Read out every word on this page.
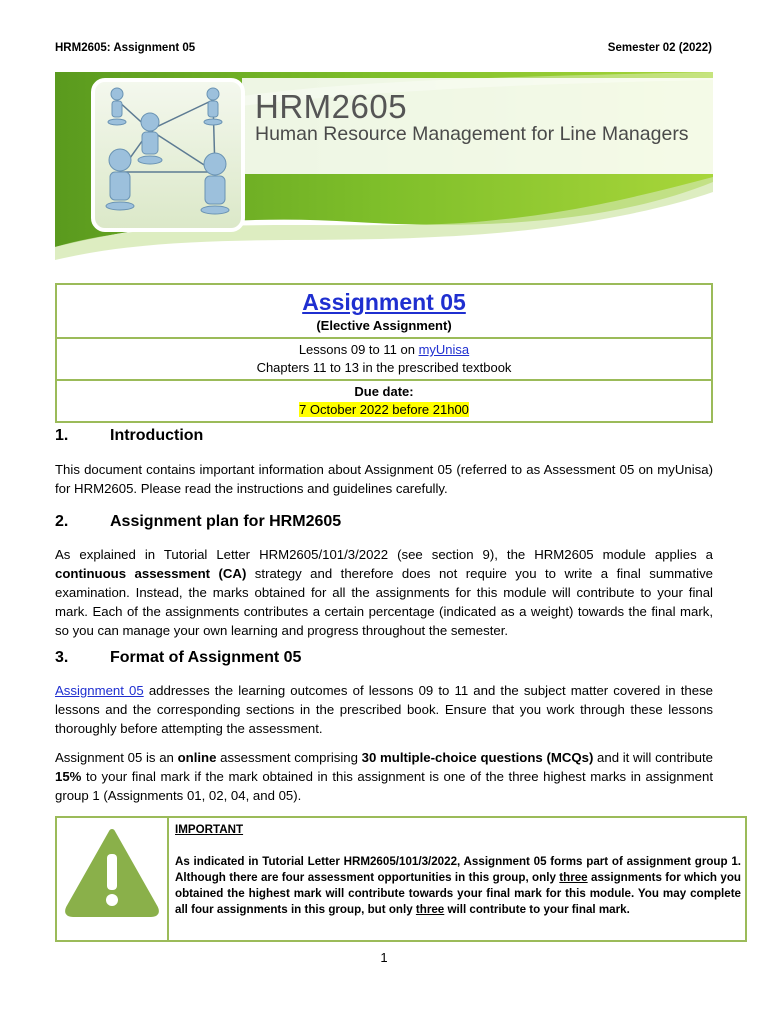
HRM2605: Assignment 05	Semester 02 (2022)
HRM2605
Human Resource Management for Line Managers
Assignment 05
(Elective Assignment)

Lessons 09 to 11 on myUnisa
Chapters 11 to 13 in the prescribed textbook

Due date:
7 October 2022 before 21h00
1.	Introduction
This document contains important information about Assignment 05 (referred to as Assessment 05 on myUnisa) for HRM2605. Please read the instructions and guidelines carefully.
2.	Assignment plan for HRM2605
As explained in Tutorial Letter HRM2605/101/3/2022 (see section 9), the HRM2605 module applies a continuous assessment (CA) strategy and therefore does not require you to write a final summative examination. Instead, the marks obtained for all the assignments for this module will contribute to your final mark. Each of the assignments contributes a certain percentage (indicated as a weight) towards the final mark, so you can manage your own learning and progress throughout the semester.
3.	Format of Assignment 05
Assignment 05 addresses the learning outcomes of lessons 09 to 11 and the subject matter covered in these lessons and the corresponding sections in the prescribed book. Ensure that you work through these lessons thoroughly before attempting the assessment.
Assignment 05 is an online assessment comprising 30 multiple-choice questions (MCQs) and it will contribute 15% to your final mark if the mark obtained in this assignment is one of the three highest marks in assignment group 1 (Assignments 01, 02, 04, and 05).
IMPORTANT
As indicated in Tutorial Letter HRM2605/101/3/2022, Assignment 05 forms part of assignment group 1. Although there are four assessment opportunities in this group, only three assignments for which you obtained the highest mark will contribute towards your final mark for this module. You may complete all four assignments in this group, but only three will contribute to your final mark.
1
